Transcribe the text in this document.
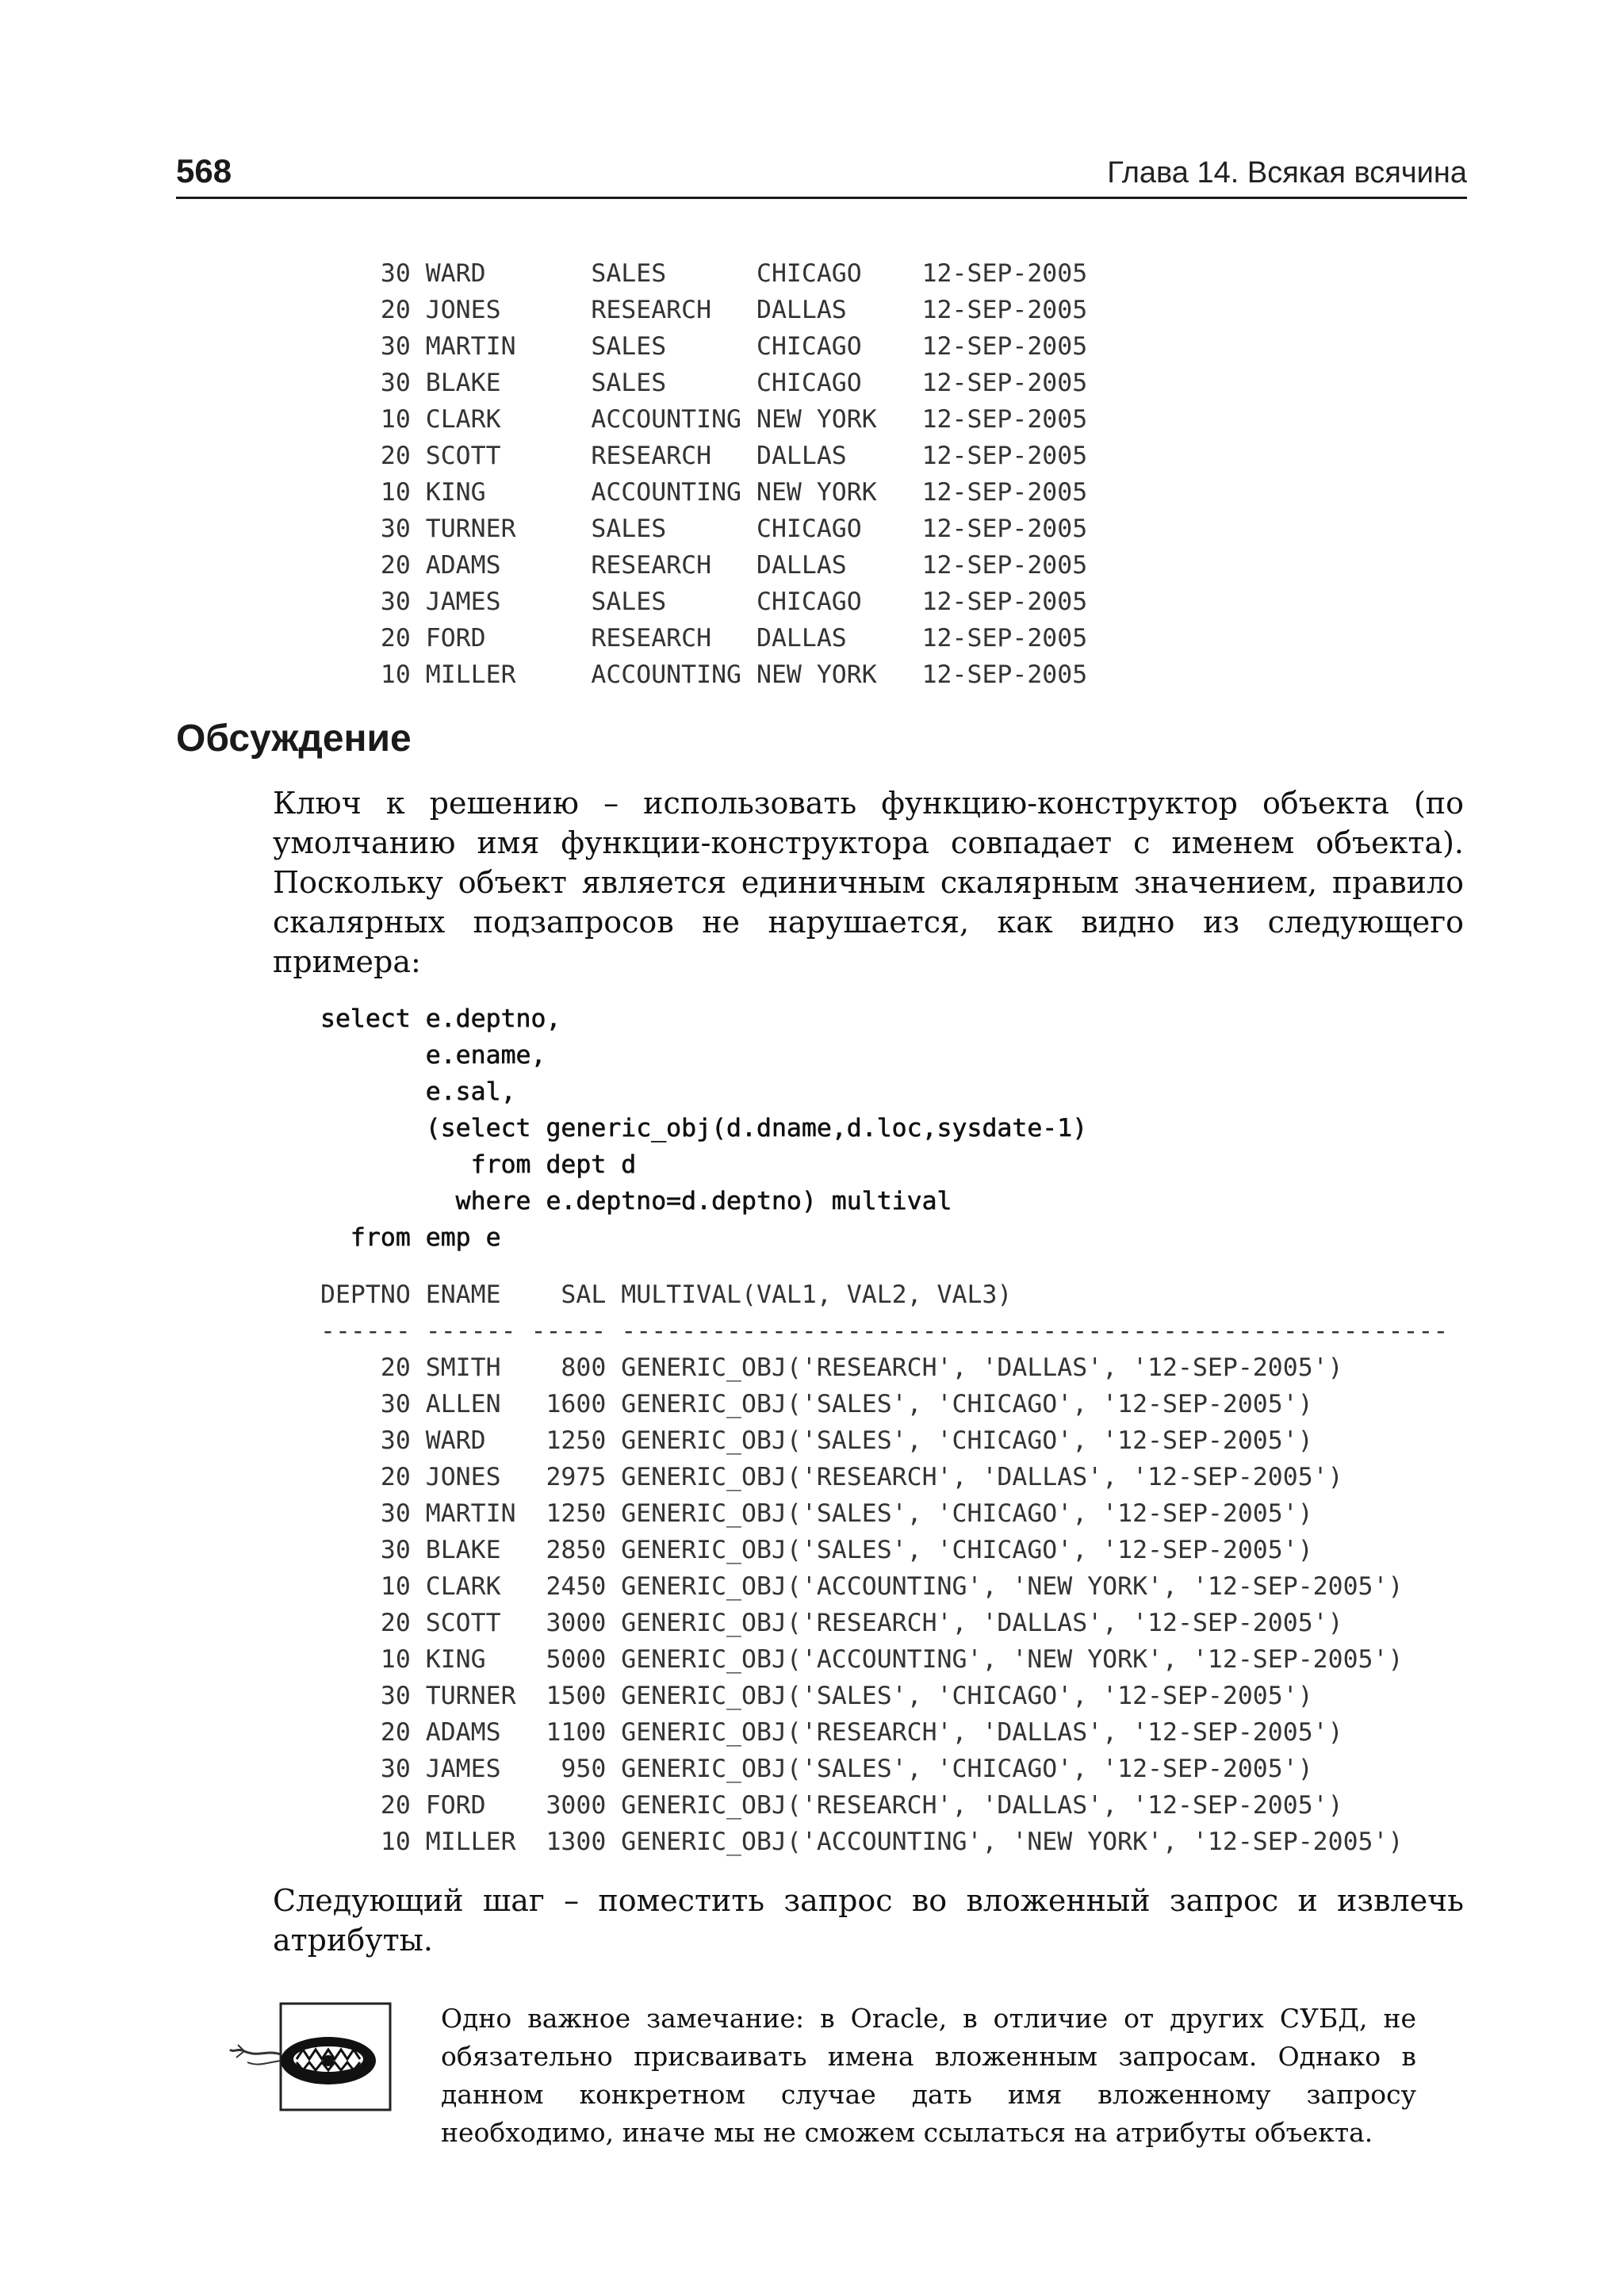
568	Глава 14. Всякая всячина
30 WARD       SALES      CHICAGO    12-SEP-2005
20 JONES      RESEARCH   DALLAS     12-SEP-2005
30 MARTIN     SALES      CHICAGO    12-SEP-2005
30 BLAKE      SALES      CHICAGO    12-SEP-2005
10 CLARK      ACCOUNTING NEW YORK   12-SEP-2005
20 SCOTT      RESEARCH   DALLAS     12-SEP-2005
10 KING       ACCOUNTING NEW YORK   12-SEP-2005
30 TURNER     SALES      CHICAGO    12-SEP-2005
20 ADAMS      RESEARCH   DALLAS     12-SEP-2005
30 JAMES      SALES      CHICAGO    12-SEP-2005
20 FORD       RESEARCH   DALLAS     12-SEP-2005
10 MILLER     ACCOUNTING NEW YORK   12-SEP-2005
Обсуждение

Ключ к решению – использовать функцию-конструктор объекта (по умолчанию имя функции-конструктора совпадает с именем объекта). Поскольку объект является единичным скалярным значением, правило скалярных подзапросов не нарушается, как видно из следующего примера:

select e.deptno,
e.ename,
e.sal,
(select generic_obj(d.dname,d.loc,sysdate-1)
from dept d
where e.deptno=d.deptno) multival
from emp e
DEPTNO ENAME    SAL MULTIVAL(VAL1, VAL2, VAL3)
------ ------ ----- -------------------------------------------------------
20 SMITH    800 GENERIC_OBJ('RESEARCH', 'DALLAS', '12-SEP-2005')
30 ALLEN   1600 GENERIC_OBJ('SALES', 'CHICAGO', '12-SEP-2005')
30 WARD    1250 GENERIC_OBJ('SALES', 'CHICAGO', '12-SEP-2005')
20 JONES   2975 GENERIC_OBJ('RESEARCH', 'DALLAS', '12-SEP-2005')
30 MARTIN  1250 GENERIC_OBJ('SALES', 'CHICAGO', '12-SEP-2005')
30 BLAKE   2850 GENERIC_OBJ('SALES', 'CHICAGO', '12-SEP-2005')
10 CLARK   2450 GENERIC_OBJ('ACCOUNTING', 'NEW YORK', '12-SEP-2005')
20 SCOTT   3000 GENERIC_OBJ('RESEARCH', 'DALLAS', '12-SEP-2005')
10 KING    5000 GENERIC_OBJ('ACCOUNTING', 'NEW YORK', '12-SEP-2005')
30 TURNER  1500 GENERIC_OBJ('SALES', 'CHICAGO', '12-SEP-2005')
20 ADAMS   1100 GENERIC_OBJ('RESEARCH', 'DALLAS', '12-SEP-2005')
30 JAMES    950 GENERIC_OBJ('SALES', 'CHICAGO', '12-SEP-2005')
20 FORD    3000 GENERIC_OBJ('RESEARCH', 'DALLAS', '12-SEP-2005')
10 MILLER  1300 GENERIC_OBJ('ACCOUNTING', 'NEW YORK', '12-SEP-2005')

Следующий шаг – поместить запрос во вложенный запрос и извлечь атрибуты.

Одно важное замечание: в Oracle, в отличие от других СУБД, не обязательно присваивать имена вложенным запросам. Однако в данном конкретном случае дать имя вложенному запросу необходимо, иначе мы не сможем ссылаться на атрибуты объекта.
